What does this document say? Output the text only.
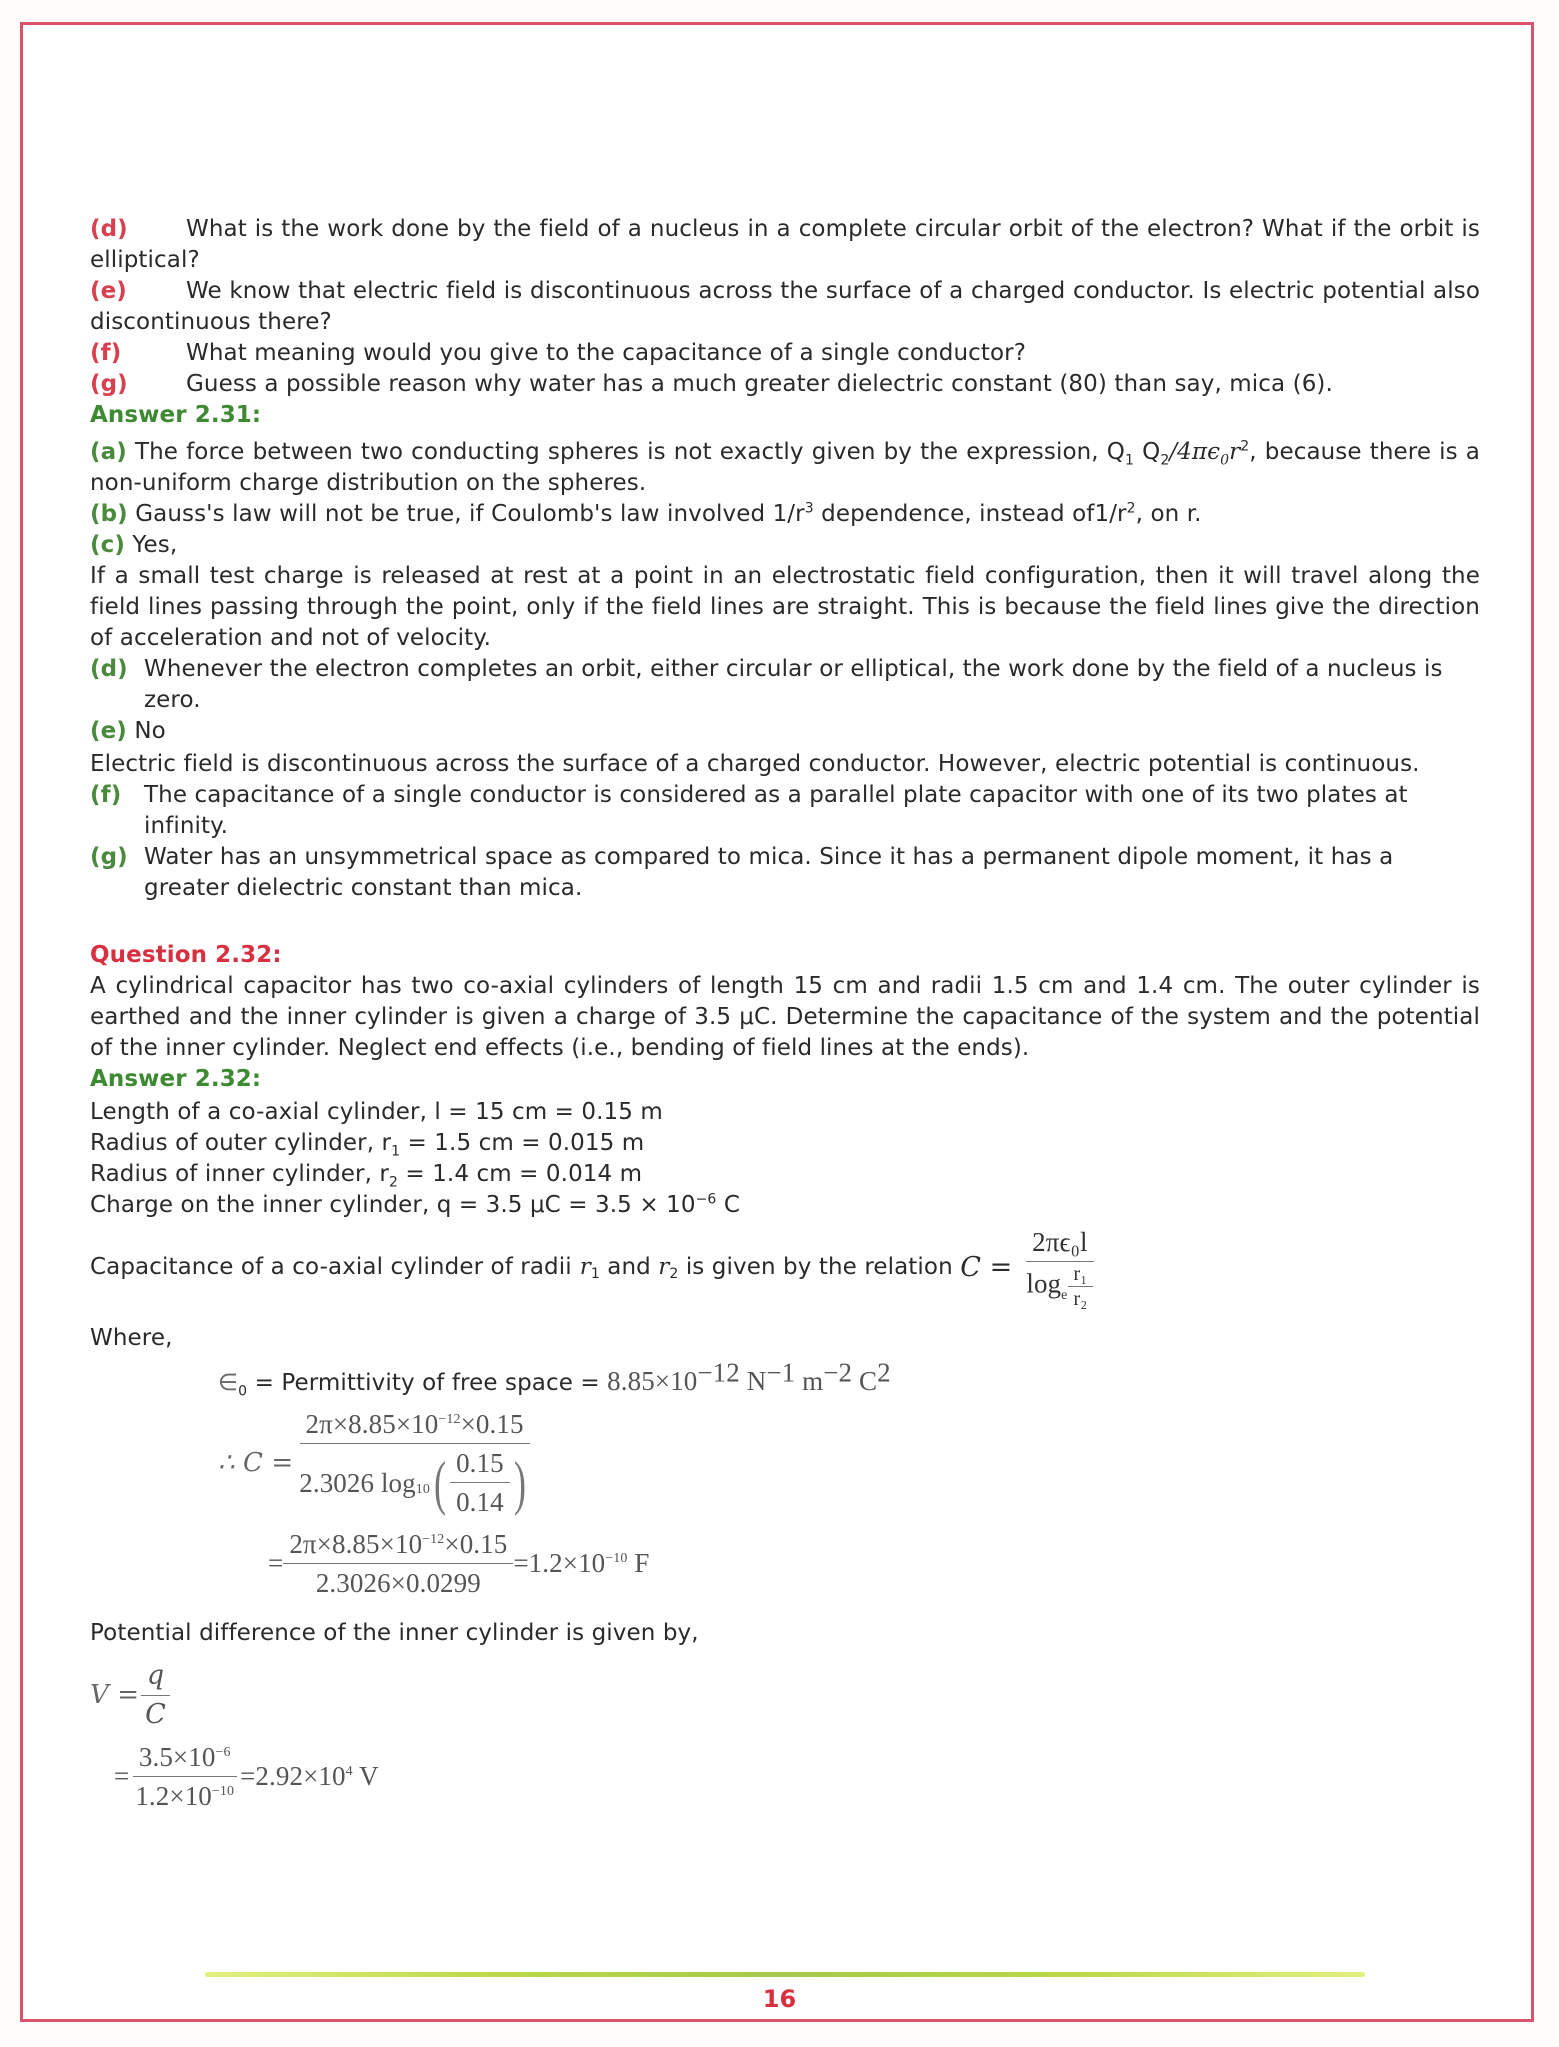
(d)	What is the work done by the field of a nucleus in a complete circular orbit of the electron? What if the orbit is elliptical?

(e)	We know that electric field is discontinuous across the surface of a charged conductor. Is electric potential also discontinuous there?

(f)	What meaning would you give to the capacitance of a single conductor?

(g)	Guess a possible reason why water has a much greater dielectric constant (80) than say, mica (6).

Answer 2.31:

(a) The force between two conducting spheres is not exactly given by the expression, $Q_1$ $Q_2/4\pi\epsilon_0r^2$, because there is a non-uniform charge distribution on the spheres.

(b) Gauss's law will not be true, if Coulomb's law involved $1/r^3$ dependence, instead $of1/r^2$, on r.

(c) Yes,

If a small test charge is released at rest at a point in an electrostatic field configuration, then it will travel along the field lines passing through the point, only if the field lines are straight. This is because the field lines give the direction of acceleration and not of velocity.

(d) Whenever the electron completes an orbit, either circular or elliptical, the work done by the field of a nucleus is zero.

(e) No

Electric field is discontinuous across the surface of a charged conductor. However, electric potential is continuous.

(f) The capacitance of a single conductor is considered as a parallel plate capacitor with one of its two plates at infinity.

(g) Water has an unsymmetrical space as compared to mica. Since it has a permanent dipole moment, it has a greater dielectric constant than mica.

Question 2.32:

A cylindrical capacitor has two co-axial cylinders of length 15 cm and radii 1.5 cm and 1.4 cm. The outer cylinder is earthed and the inner cylinder is given a charge of 3.5 μC. Determine the capacitance of the system and the potential of the inner cylinder. Neglect end effects (i.e., bending of field lines at the ends).

Answer 2.32:

Length of a co-axial cylinder, l = 15 cm = 0.15 m

Radius of outer cylinder, $r_1 = 1.5$ cm = 0.015 m

Radius of inner cylinder, $r_2 = 1.4$ cm = 0.014 m

Charge on the inner cylinder, q = 3.5 $\mu C = 3.5 \times 10^{-6}$ C

Capacitance of a co-axial cylinder of radii r 1 and r 2 is given by the relation $C = \frac{\text{2πϵ₀l}}{\log_e \frac{\text{r₁}}{\text{r₂}}}$

Where,

$\in_0$ = Permittivity of free space = $8.85\times 10^{-12}$ $N^{-1}$ $m^{-2}$ $C^2$
∴ $C = \frac{2\pi\times 8.85\times 10^{-12}\times 0.15}{2.3026 \log 10 ( \frac{0.15}{0.14} )}$
= $\frac{2\pi\times 8.85\times 10^{-12}\times 0.15}{2.3026\times 0.0299} =1.2\times 10^{-10}$ F

Potential difference of the inner cylinder is given by,

$V = \frac{q}{C}$
= $\frac{3.5\times 10^{-6}}{1.2\times 10^{-10}} =2.92\times 10^4$ V
16
